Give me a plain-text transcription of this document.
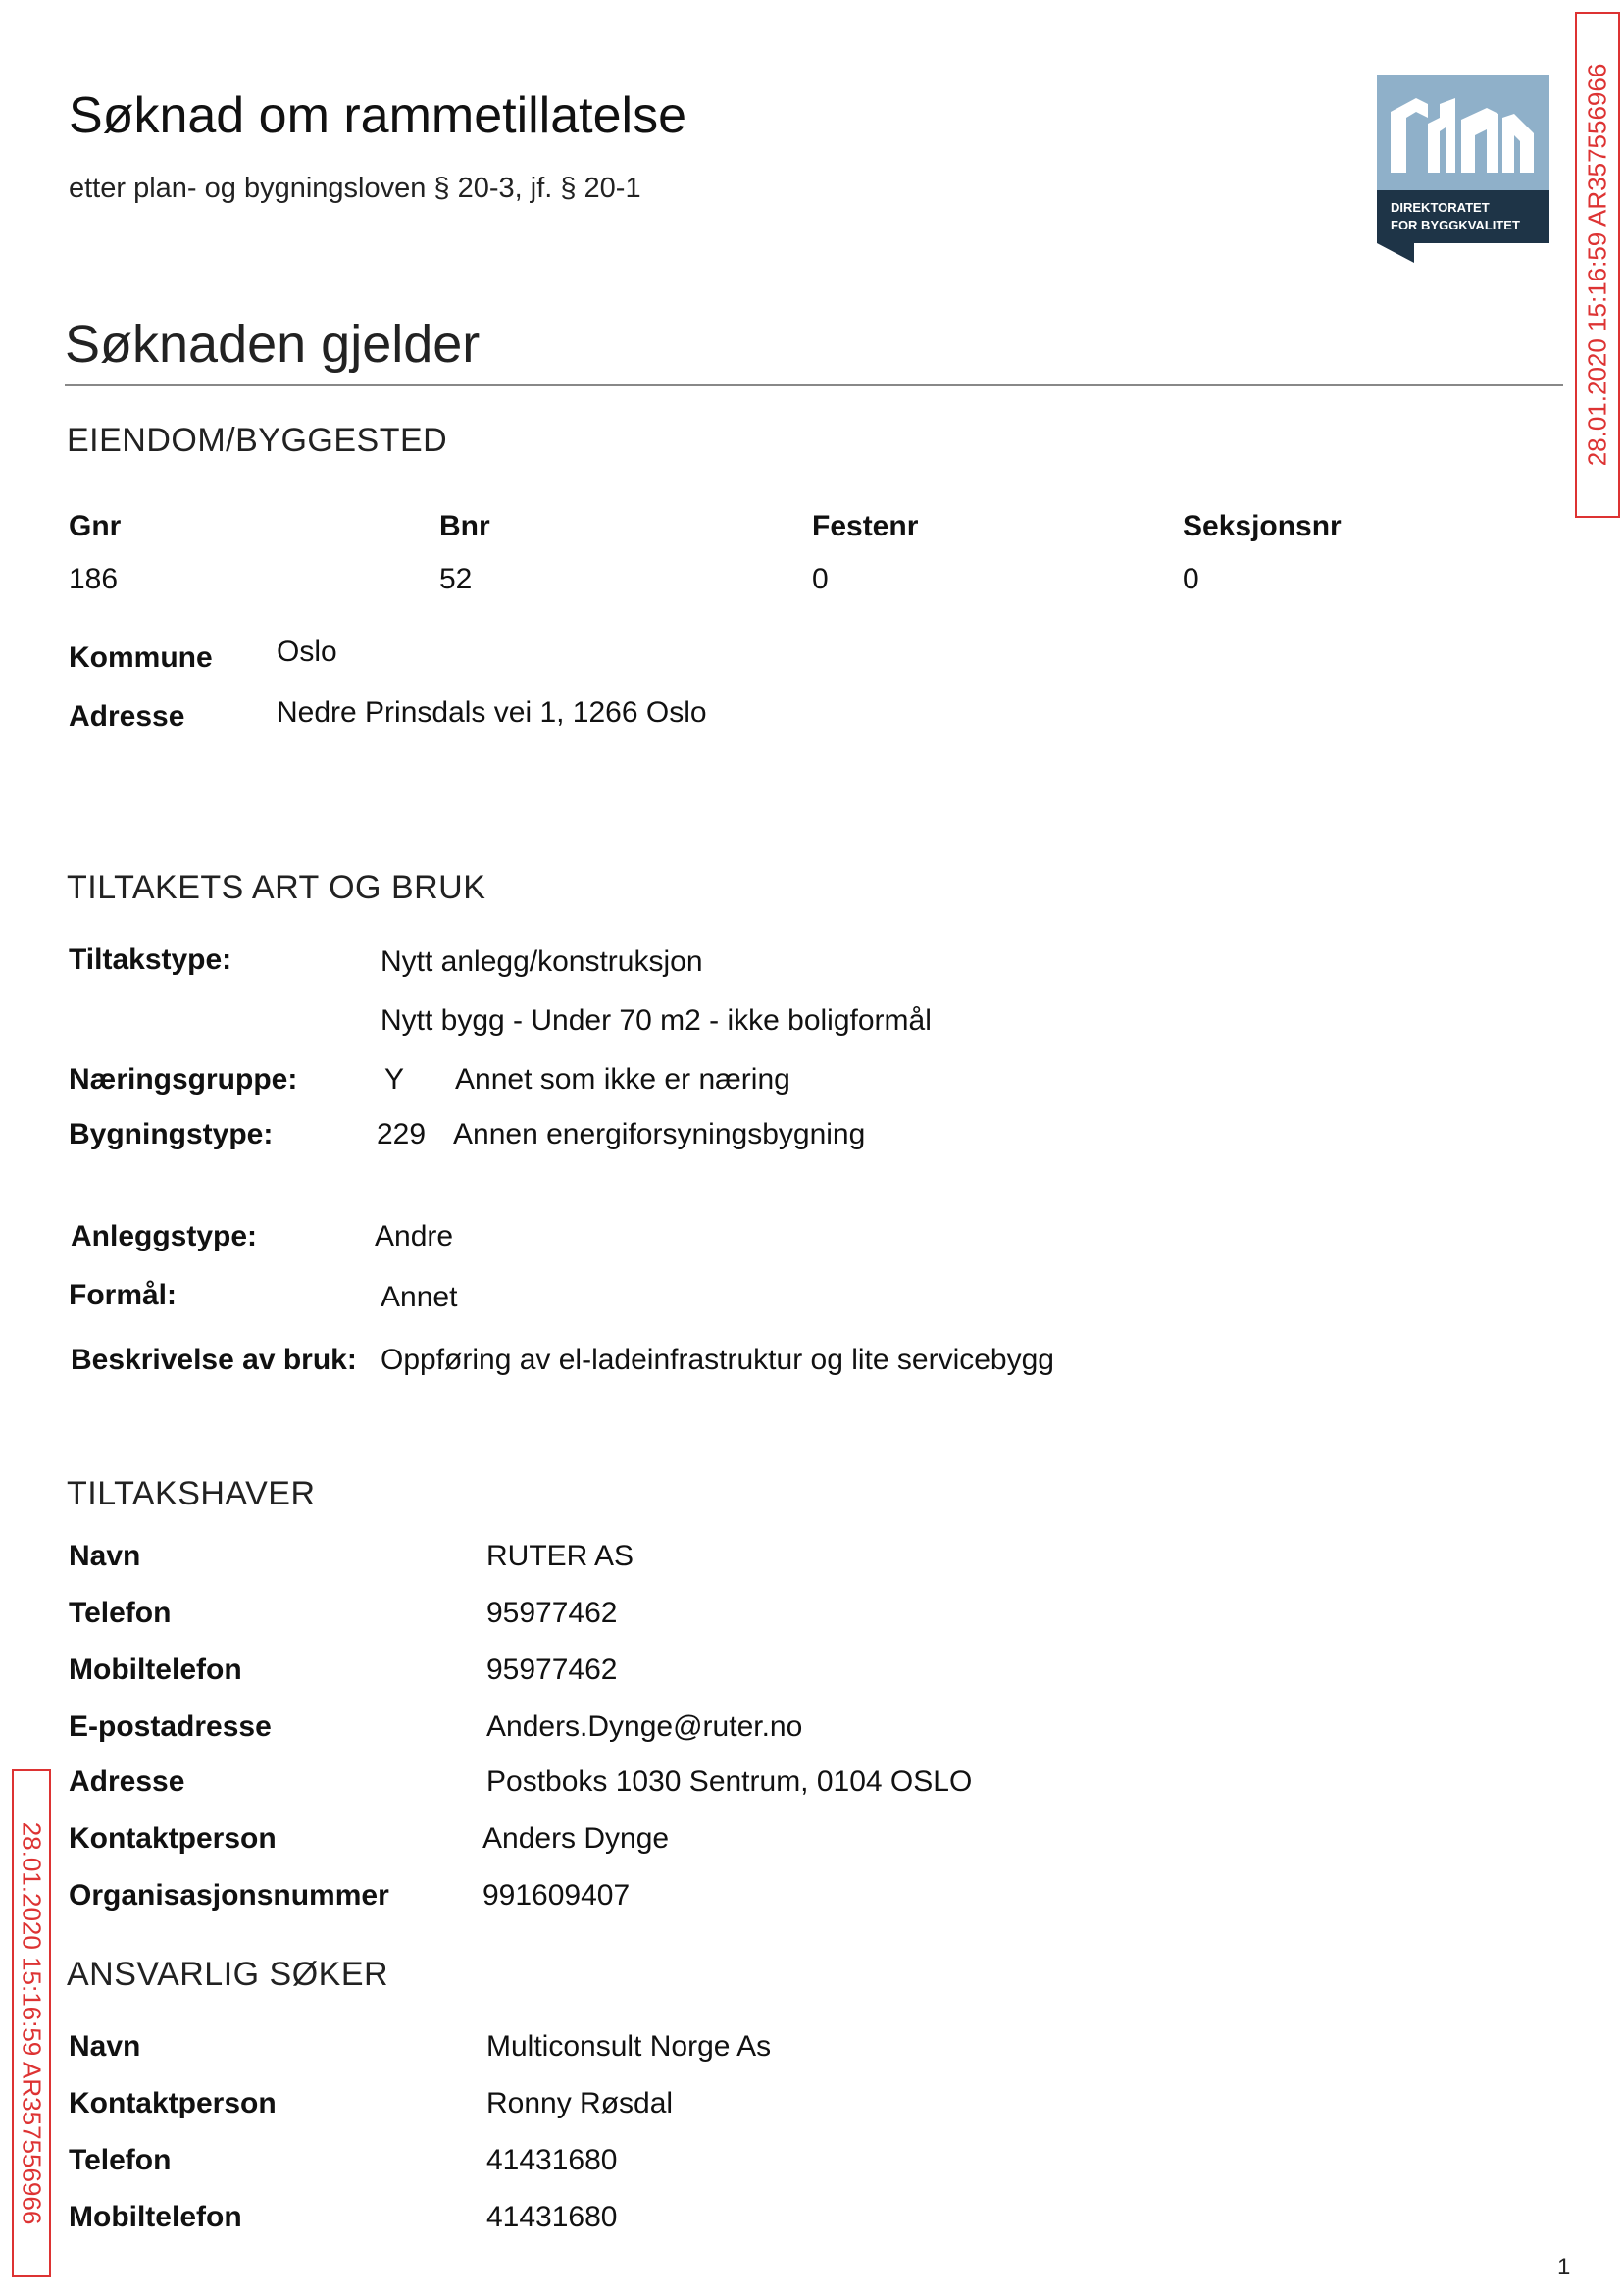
Søknad om rammetillatelse
etter plan- og bygningsloven § 20-3, jf. § 20-1
DIREKTORATET
FOR BYGGKVALITET 28.01.2020 15:16:59 AR357556966
28.01.2020 15:16:59 AR357556966
Søknaden gjelder
EIENDOM/BYGGESTED
Gnr	Bnr	Festenr	Seksjonsnr
186	52	0	0
Kommune Oslo
Adresse	Nedre Prinsdals vei 1, 1266 Oslo
TILTAKETS ART OG BRUK
Tiltakstype:	Nytt anlegg/konstruksjon
Nytt bygg - Under 70 m2 - ikke boligformål
Næringsgruppe:	Y Annet som ikke er næring
Bygningstype:	229 Annen energiforsyningsbygning
Anleggstype:	Andre
Formål:	Annet
Beskrivelse av bruk: Oppføring av el-ladeinfrastruktur og lite servicebygg
TILTAKSHAVER
Navn	RUTER AS
Telefon	95977462
Mobiltelefon	95977462
E-postadresse	Anders.Dynge@ruter.no
Adresse	Postboks 1030 Sentrum, 0104 OSLO
Kontaktperson	Anders Dynge
Organisasjonsnummer	991609407
ANSVARLIG SØKER
Navn	Multiconsult Norge As
Kontaktperson	Ronny Røsdal
Telefon	41431680
Mobiltelefon	41431680
1
